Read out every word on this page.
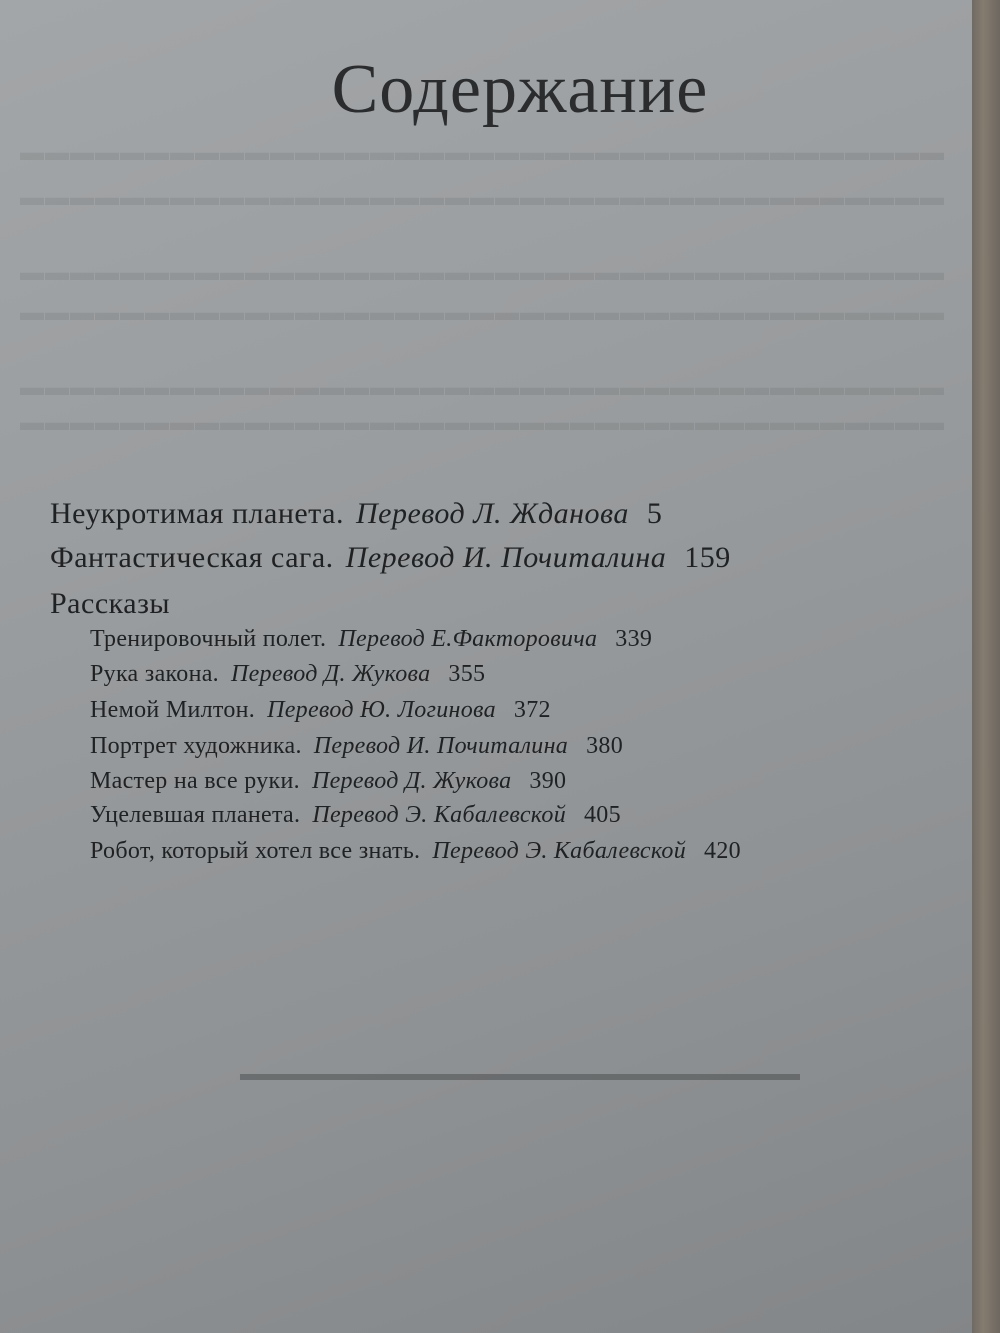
▬▬▬▬▬▬▬▬▬▬▬▬▬▬▬▬▬▬▬▬▬▬▬▬▬▬▬▬▬▬▬▬▬▬▬▬▬
▬▬▬▬▬▬▬▬▬▬▬▬▬▬▬▬▬▬▬▬▬▬▬▬▬▬▬▬▬▬▬▬▬▬▬▬▬
▬▬▬▬▬▬▬▬▬▬▬▬▬▬▬▬▬▬▬▬▬▬▬▬▬▬▬▬▬▬▬▬▬▬▬▬▬
▬▬▬▬▬▬▬▬▬▬▬▬▬▬▬▬▬▬▬▬▬▬▬▬▬▬▬▬▬▬▬▬▬▬▬▬▬
▬▬▬▬▬▬▬▬▬▬▬▬▬▬▬▬▬▬▬▬▬▬▬▬▬▬▬▬▬▬▬▬▬▬▬▬▬
▬▬▬▬▬▬▬▬▬▬▬▬▬▬▬▬▬▬▬▬▬▬▬▬▬▬▬▬▬▬▬▬▬▬▬▬▬
Содержание
Неукротимая планета. Перевод Л. Жданова 5
Фантастическая сага. Перевод И. Почиталина 159
Рассказы
Тренировочный полет. Перевод Е.Факторовича 339
Рука закона. Перевод Д. Жукова 355
Немой Милтон. Перевод Ю. Логинова 372
Портрет художника. Перевод И. Почиталина 380
Мастер на все руки. Перевод Д. Жукова 390
Уцелевшая планета. Перевод Э. Кабалевской 405
Робот, который хотел все знать. Перевод Э. Кабалевской 420
▬▬▬▬▬▬▬▬▬▬▬▬▬▬▬▬▬▬▬▬▬▬▬▬▬▬▬▬
